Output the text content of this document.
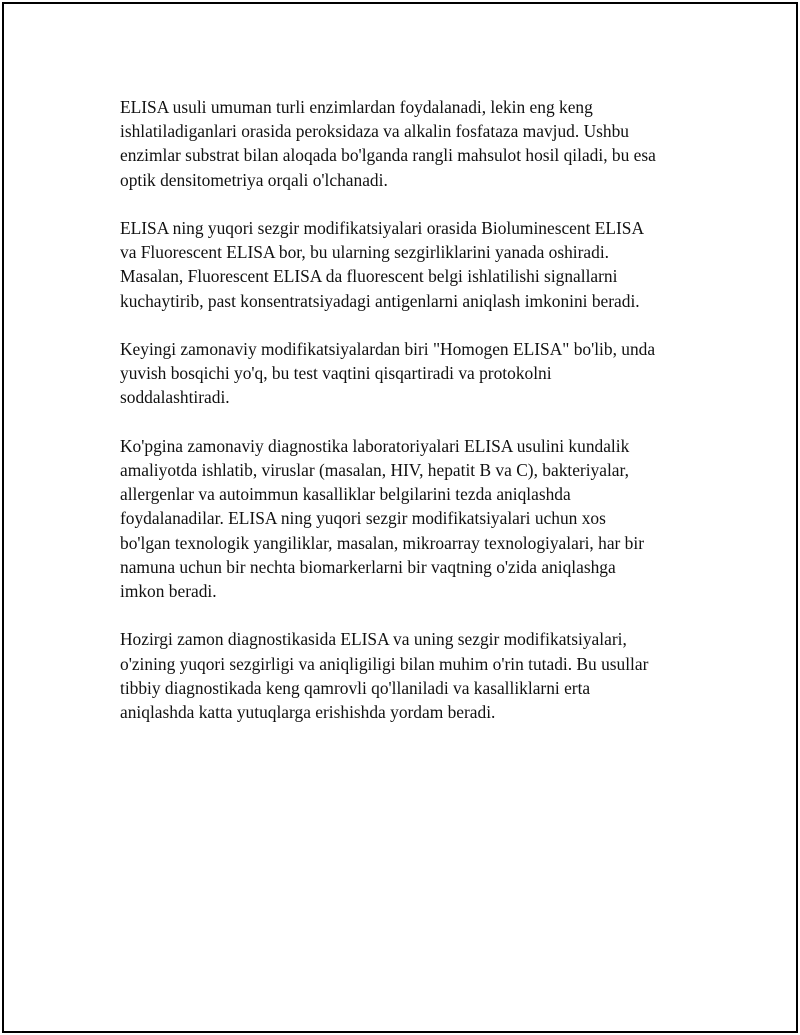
ELISA usuli umuman turli enzimlardan foydalanadi, lekin eng keng
ishlatiladiganlari orasida peroksidaza va alkalin fosfataza mavjud. Ushbu
enzimlar substrat bilan aloqada bo'lganda rangli mahsulot hosil qiladi, bu esa
optik densitometriya orqali o'lchanadi.

ELISA ning yuqori sezgir modifikatsiyalari orasida Bioluminescent ELISA
va Fluorescent ELISA bor, bu ularning sezgirliklarini yanada oshiradi.
Masalan, Fluorescent ELISA da fluorescent belgi ishlatilishi signallarni
kuchaytirib, past konsentratsiyadagi antigenlarni aniqlash imkonini beradi.

Keyingi zamonaviy modifikatsiyalardan biri "Homogen ELISA" bo'lib, unda
yuvish bosqichi yo'q, bu test vaqtini qisqartiradi va protokolni
soddalashtiradi.

Ko'pgina zamonaviy diagnostika laboratoriyalari ELISA usulini kundalik
amaliyotda ishlatib, viruslar (masalan, HIV, hepatit B va C), bakteriyalar,
allergenlar va autoimmun kasalliklar belgilarini tezda aniqlashda
foydalanadilar. ELISA ning yuqori sezgir modifikatsiyalari uchun xos
bo'lgan texnologik yangiliklar, masalan, mikroarray texnologiyalari, har bir
namuna uchun bir nechta biomarkerlarni bir vaqtning o'zida aniqlashga
imkon beradi.

Hozirgi zamon diagnostikasida ELISA va uning sezgir modifikatsiyalari,
o'zining yuqori sezgirligi va aniqligiligi bilan muhim o'rin tutadi. Bu usullar
tibbiy diagnostikada keng qamrovli qo'llaniladi va kasalliklarni erta
aniqlashda katta yutuqlarga erishishda yordam beradi.
